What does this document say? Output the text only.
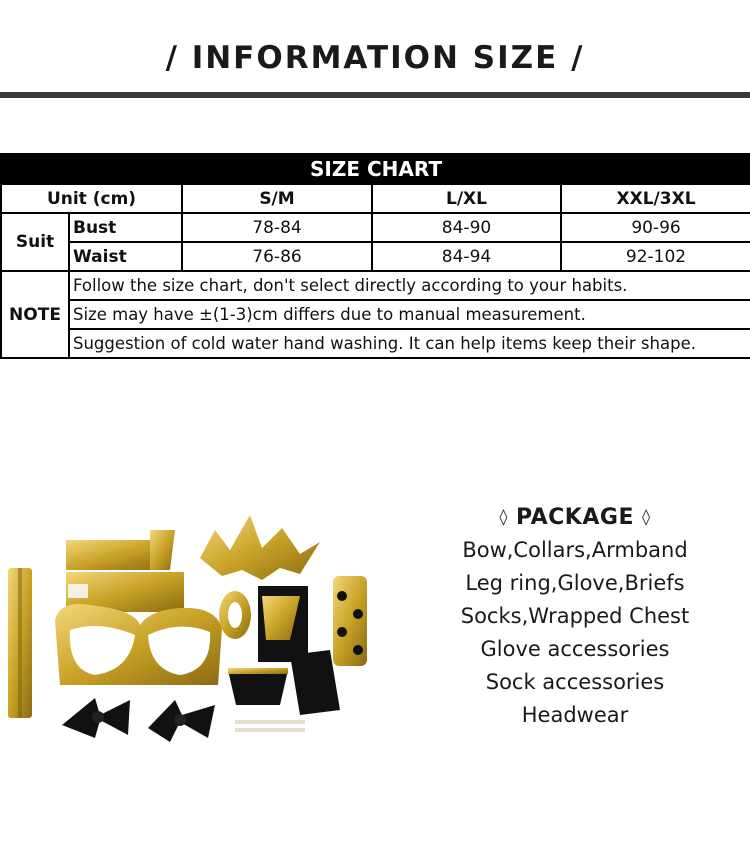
/ INFORMATION SIZE /
SIZE CHART				
Unit (cm)		S/M	L/XL	XXL/3XL
Suit	Bust	78-84	84-90	90-96
	Waist	76-86	84-94	92-102
NOTE	Follow the size chart, don't select directly according to your habits.			
	Size may have ±(1-3)cm differs due to manual measurement.			
	Suggestion of cold water hand washing. It can help items keep their shape.			
◊ PACKAGE ◊
Bow,Collars,Armband
Leg ring,Glove,Briefs
Socks,Wrapped Chest
Glove accessories
Sock accessories
Headwear
